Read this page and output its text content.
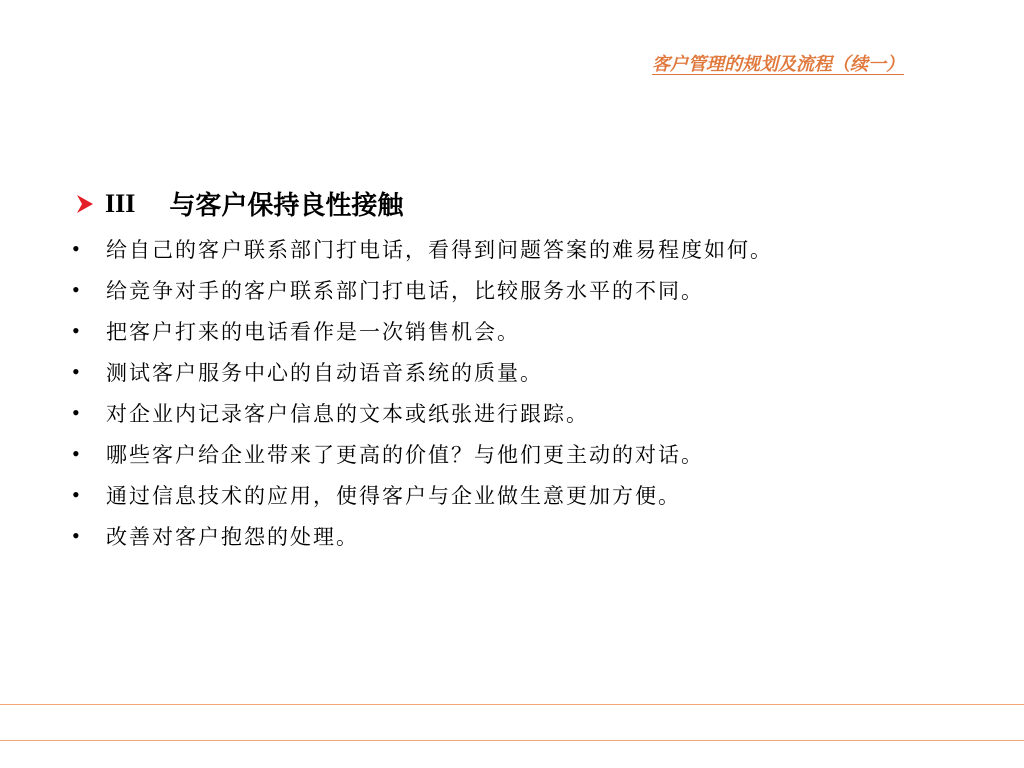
客户管理的规划及流程（续一）
III 与客户保持良性接触
•	给自己的客户联系部门打电话，看得到问题答案的难易程度如何。
•	给竞争对手的客户联系部门打电话，比较服务水平的不同。
•	把客户打来的电话看作是一次销售机会。
•	测试客户服务中心的自动语音系统的质量。
•	对企业内记录客户信息的文本或纸张进行跟踪。
•	哪些客户给企业带来了更高的价值？与他们更主动的对话。
•	通过信息技术的应用，使得客户与企业做生意更加方便。
•	改善对客户抱怨的处理。
